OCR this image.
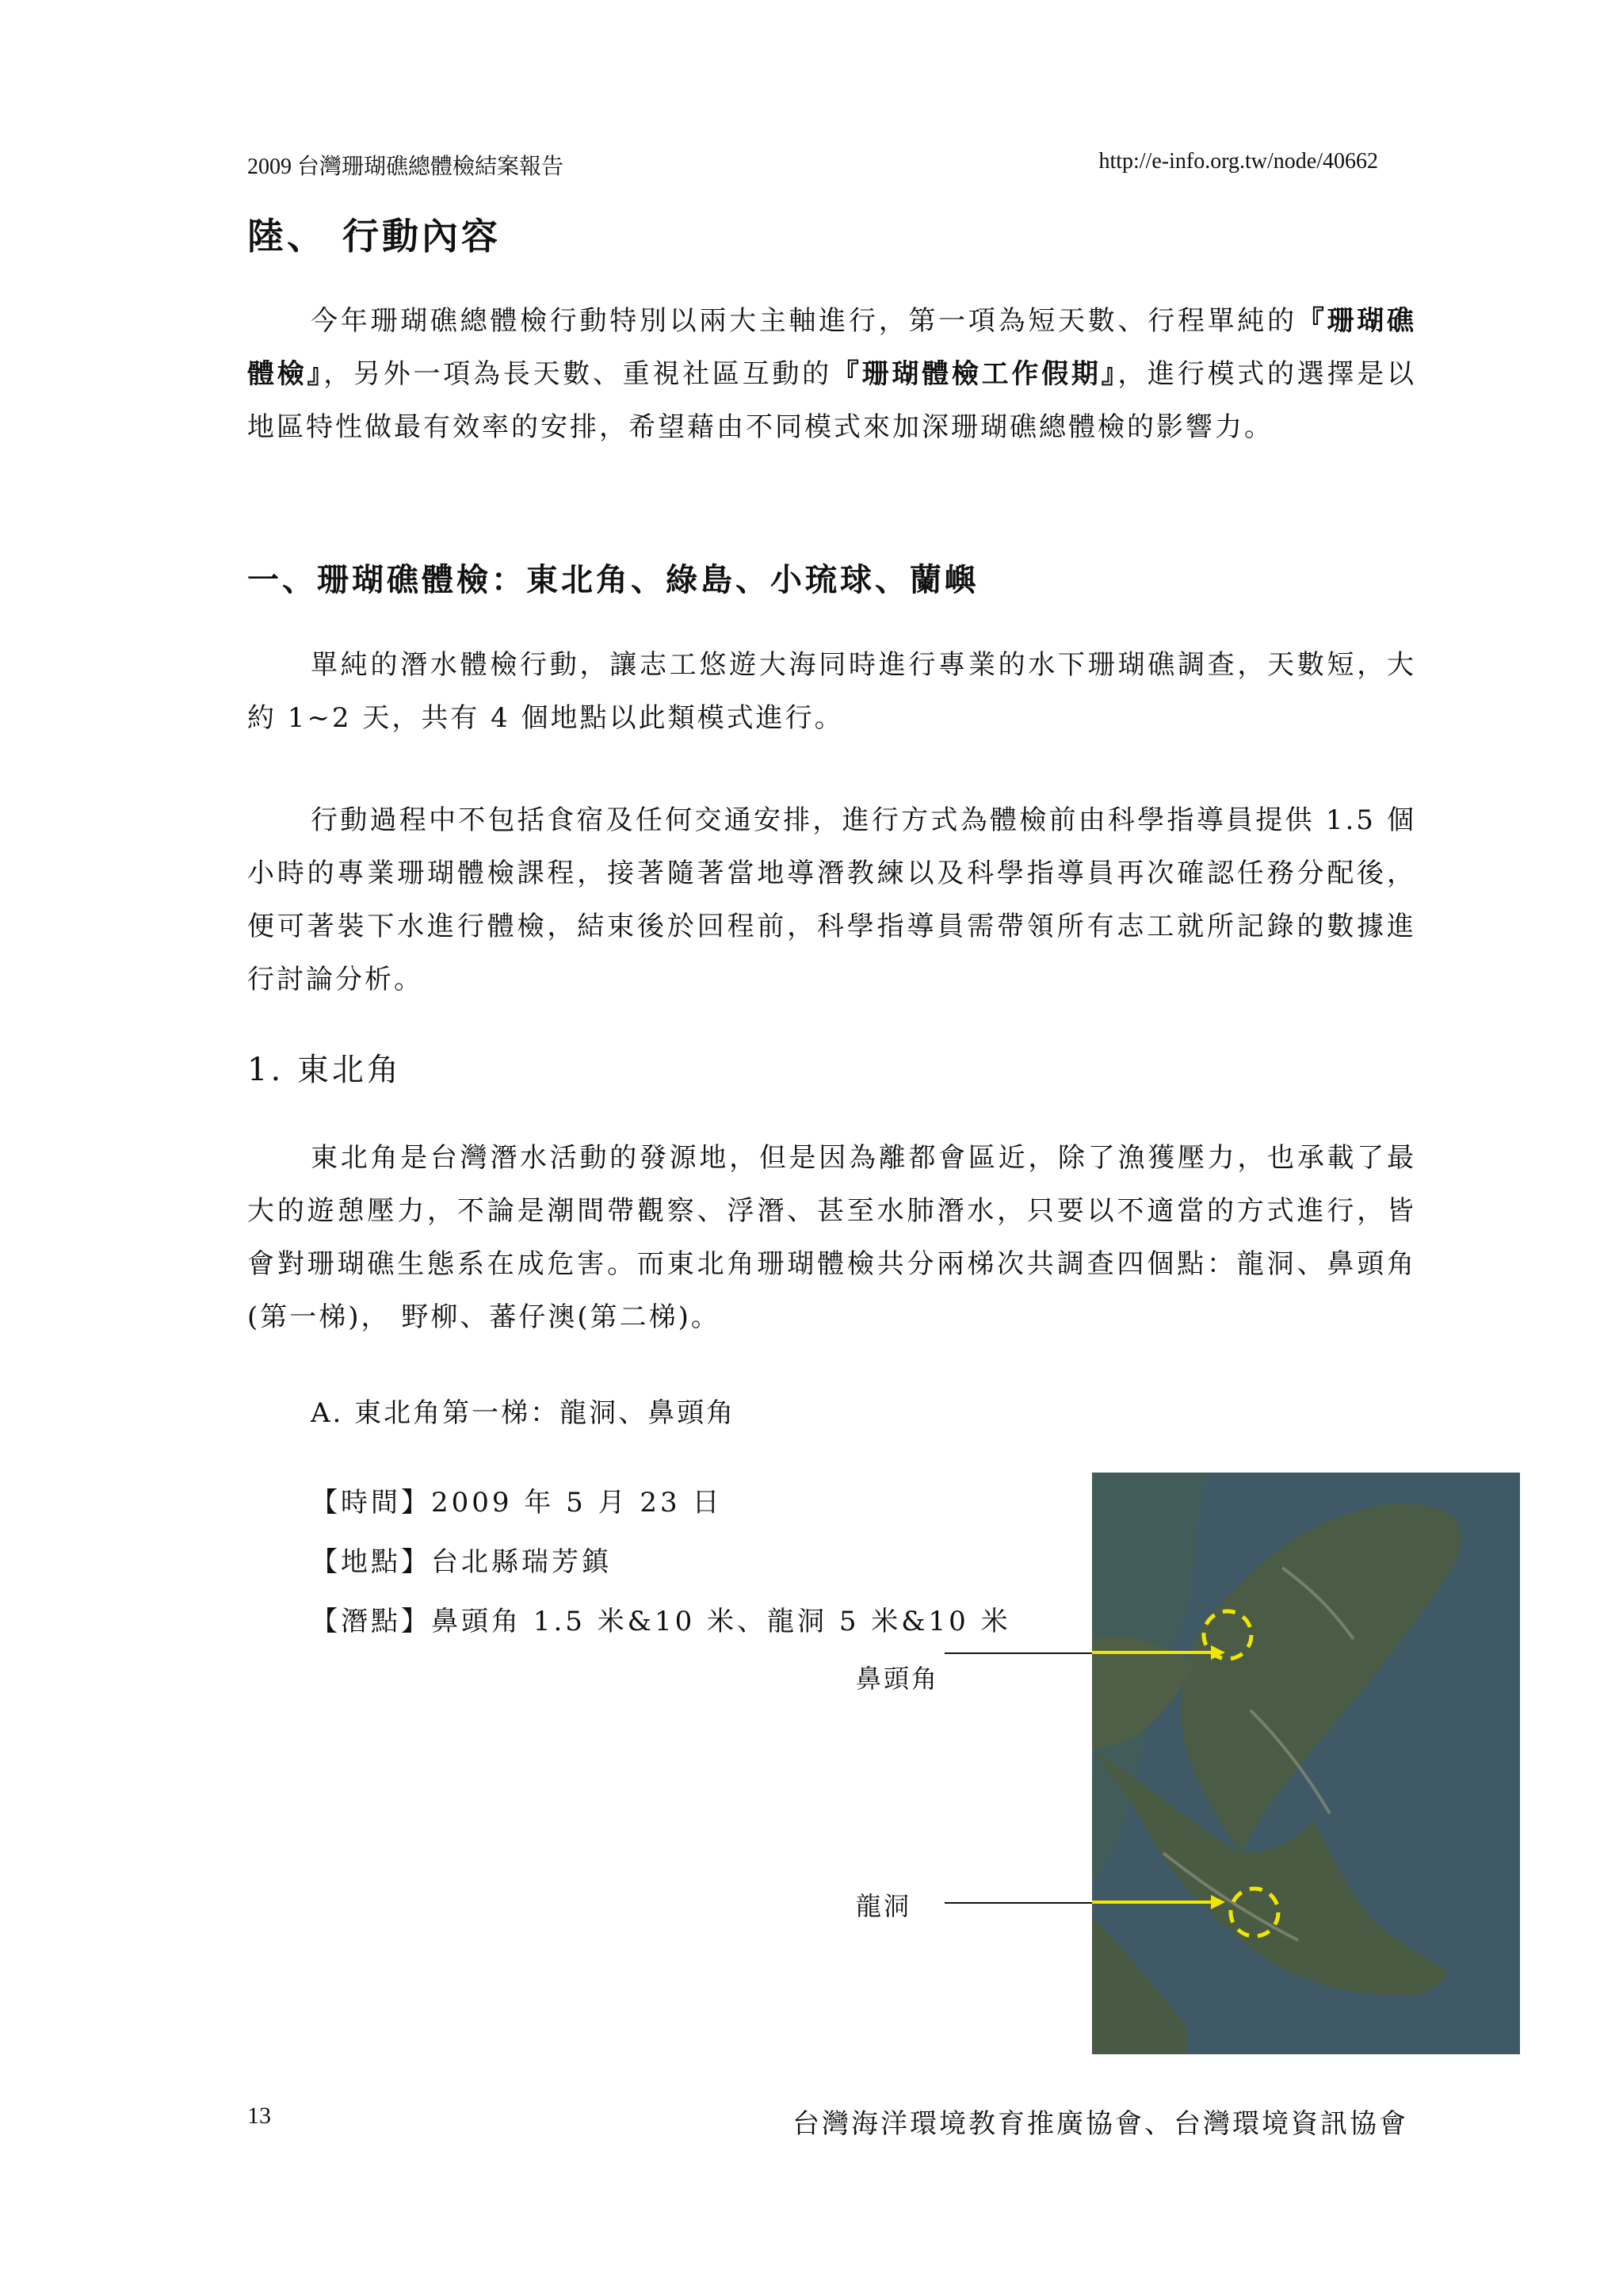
2009 台灣珊瑚礁總體檢結案報告	http://e-info.org.tw/node/40662
陸、 行動內容

今年珊瑚礁總體檢行動特別以兩大主軸進行，第一項為短天數、行程單純的『珊瑚礁體檢』，另外一項為長天數、重視社區互動的『珊瑚體檢工作假期』，進行模式的選擇是以地區特性做最有效率的安排，希望藉由不同模式來加深珊瑚礁總體檢的影響力。

一、珊瑚礁體檢：東北角、綠島、小琉球、蘭嶼

單純的潛水體檢行動，讓志工悠遊大海同時進行專業的水下珊瑚礁調查，天數短，大約 1~2 天，共有 4 個地點以此類模式進行。

行動過程中不包括食宿及任何交通安排，進行方式為體檢前由科學指導員提供 1.5 個小時的專業珊瑚體檢課程，接著隨著當地導潛教練以及科學指導員再次確認任務分配後，便可著裝下水進行體檢，結束後於回程前，科學指導員需帶領所有志工就所記錄的數據進行討論分析。

1. 東北角

東北角是台灣潛水活動的發源地，但是因為離都會區近，除了漁獲壓力，也承載了最大的遊憩壓力，不論是潮間帶觀察、浮潛、甚至水肺潛水，只要以不適當的方式進行，皆會對珊瑚礁生態系在成危害。而東北角珊瑚體檢共分兩梯次共調查四個點：龍洞、鼻頭角(第一梯)， 野柳、蕃仔澳(第二梯)。

A. 東北角第一梯：龍洞、鼻頭角
【時間】2009 年 5 月 23 日
【地點】台北縣瑞芳鎮
【潛點】鼻頭角 1.5 米&10 米、龍洞 5 米&10 米
鼻頭角
龍洞
13	台灣海洋環境教育推廣協會、台灣環境資訊協會
